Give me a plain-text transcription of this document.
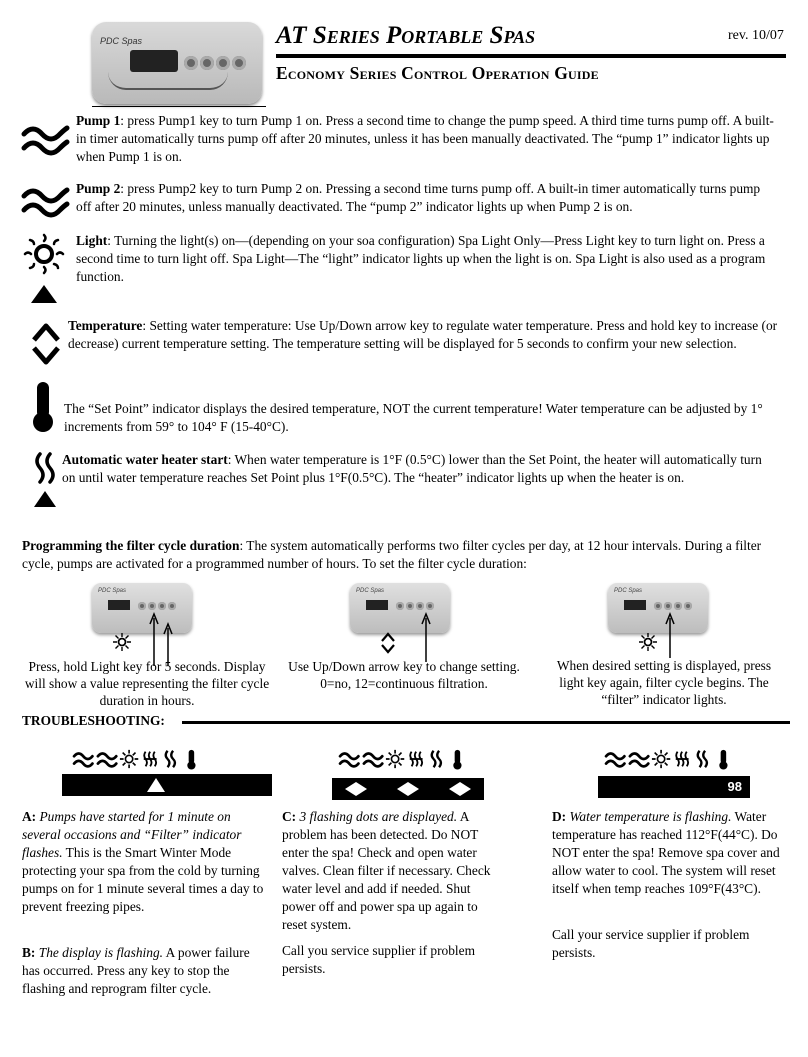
PDC Spas	AT Series Portable Spas	rev. 10/07
Economy Series Control Operation Guide

Pump 1: press Pump1 key to turn Pump 1 on. Press a second time to change the pump speed. A third time turns pump off. A built-in timer automatically turns pump off after 20 minutes, unless it has been manually deactivated. The “pump 1” indicator lights up when Pump 1 is on.

Pump 2: press Pump2 key to turn Pump 2 on. Pressing a second time turns pump off. A built-in timer automatically turns pump off after 20 minutes, unless manually deactivated. The “pump 2” indicator lights up when Pump 2 is on.

Light: Turning the light(s) on—(depending on your soa configuration) Spa Light Only—Press Light key to turn light on. Press a second time to turn light off. Spa Light—The “light” indicator lights up when the light is on. Spa Light is also used as a program function.

Temperature: Setting water temperature: Use Up/Down arrow key to regulate water temperature. Press and hold key to increase (or decrease) current temperature setting. The temperature setting will be displayed for 5 seconds to confirm your new selection.

The “Set Point” indicator displays the desired temperature, NOT the current temperature! Water temperature can be adjusted by 1° increments from 59° to 104° F (15-40°C).

Automatic water heater start: When water temperature is 1°F (0.5°C) lower than the Set Point, the heater will automatically turn on until water temperature reaches Set Point plus 1°F(0.5°C). The “heater” indicator lights up when the heater is on.

Programming the filter cycle duration: The system automatically performs two filter cycles per day, at 12 hour intervals. During a filter cycle, pumps are activated for a programmed number of hours. To set the filter cycle duration:

PDC Spas
Press, hold Light key for 5 seconds. Display will show a value representing the filter cycle duration in hours.
PDC Spas
Use Up/Down arrow key to change setting. 0=no, 12=continuous filtration.
PDC Spas
When desired setting is displayed, press light key again, filter cycle begins. The “filter” indicator lights.
TROUBLESHOOTING:
98
A: Pumps have started for 1 minute on several occasions and “Filter” indicator flashes. This is the Smart Winter Mode protecting your spa from the cold by turning pumps on for 1 minute several times a day to prevent freezing pipes.
B: The display is flashing. A power failure has occurred. Press any key to stop the flashing and reprogram filter cycle.
C: 3 flashing dots are displayed. A problem has been detected. Do NOT enter the spa! Check and open water valves. Clean filter if necessary. Check water level and add if needed. Shut power off and power spa up again to reset system.
Call you service supplier if problem persists.
D: Water temperature is flashing. Water temperature has reached 112°F(44°C). Do NOT enter the spa! Remove spa cover and allow water to cool. The system will reset itself when temp reaches 109°F(43°C).
Call your service supplier if problem persists.
